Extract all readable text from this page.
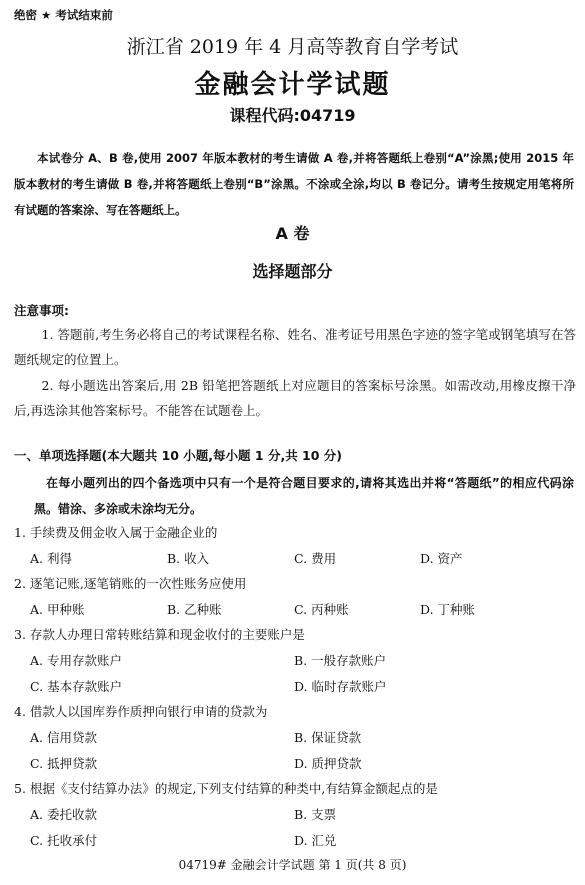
绝密 ★ 考试结束前
浙江省 2019 年 4 月高等教育自学考试
金融会计学试题
课程代码:04719
本试卷分 A、B 卷,使用 2007 年版本教材的考生请做 A 卷,并将答题纸上卷别“A”涂黑;使用 2015 年版本教材的考生请做 B 卷,并将答题纸上卷别“B”涂黑。不涂或全涂,均以 B 卷记分。请考生按规定用笔将所有试题的答案涂、写在答题纸上。
A 卷
选择题部分
注意事项:
1. 答题前,考生务必将自己的考试课程名称、姓名、准考证号用黑色字迹的签字笔或钢笔填写在答题纸规定的位置上。
2. 每小题选出答案后,用 2B 铅笔把答题纸上对应题目的答案标号涂黑。如需改动,用橡皮擦干净后,再选涂其他答案标号。不能答在试题卷上。
一、单项选择题(本大题共 10 小题,每小题 1 分,共 10 分)
在每小题列出的四个备选项中只有一个是符合题目要求的,请将其选出并将“答题纸”的相应代码涂黑。错涂、多涂或未涂均无分。
1. 手续费及佣金收入属于金融企业的
A. 利得	B. 收入	C. 费用	D. 资产
2. 逐笔记账,逐笔销账的一次性账务应使用
A. 甲种账	B. 乙种账	C. 丙种账	D. 丁种账
3. 存款人办理日常转账结算和现金收付的主要账户是
A. 专用存款账户	B. 一般存款账户
C. 基本存款账户	D. 临时存款账户
4. 借款人以国库券作质押向银行申请的贷款为
A. 信用贷款	B. 保证贷款
C. 抵押贷款	D. 质押贷款
5. 根据《支付结算办法》的规定,下列支付结算的种类中,有结算金额起点的是
A. 委托收款	B. 支票
C. 托收承付	D. 汇兑
04719# 金融会计学试题 第 1 页(共 8 页)
